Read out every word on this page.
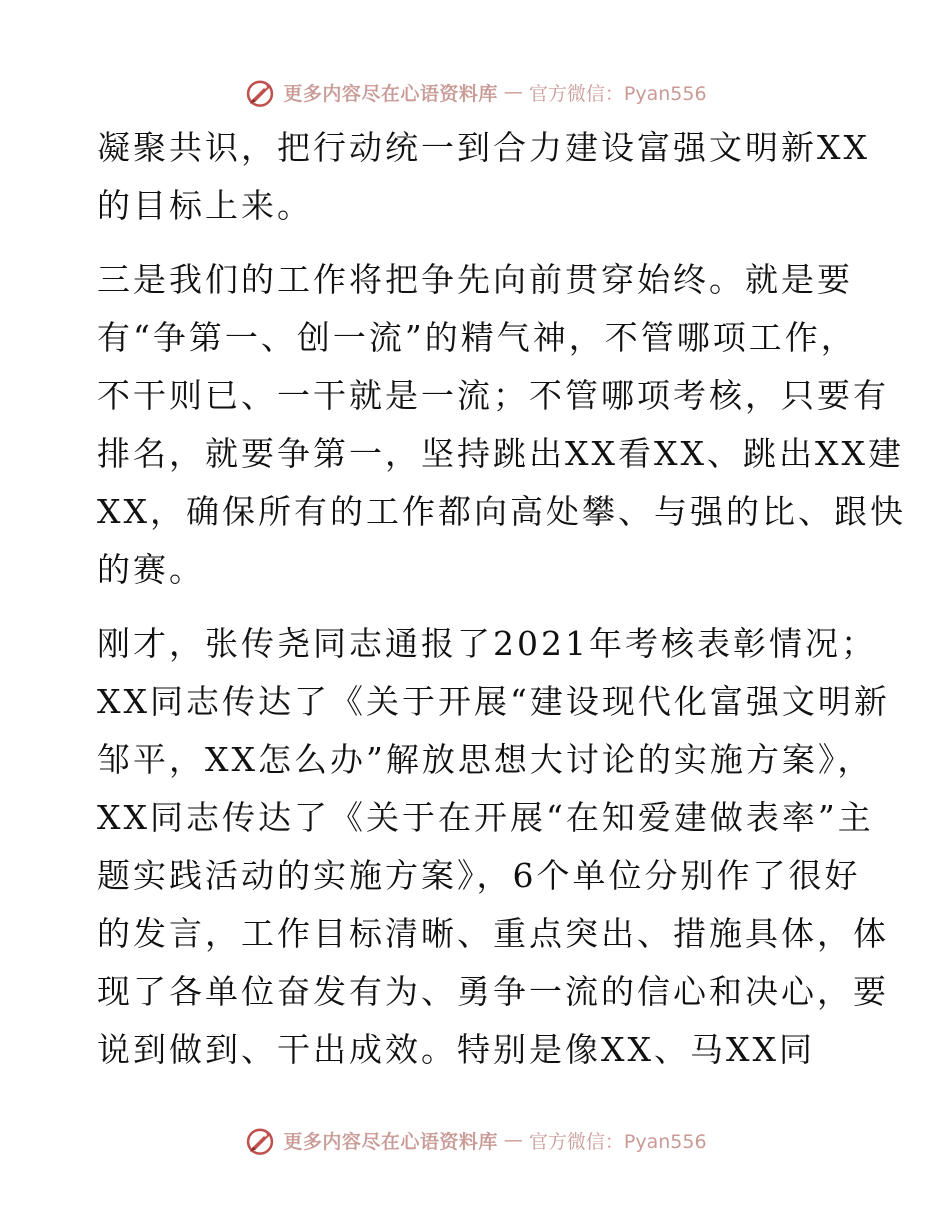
更多内容尽在心语资料库 — 官方微信：Pyan556
凝聚共识，把行动统一到合力建设富强文明新XX
的目标上来。
三是我们的工作将把争先向前贯穿始终。就是要
有“争第一、创一流”的精气神，不管哪项工作，
不干则已、一干就是一流；不管哪项考核，只要有
排名，就要争第一，坚持跳出XX看XX、跳出XX建
XX，确保所有的工作都向高处攀、与强的比、跟快
的赛。
刚才，张传尧同志通报了2021年考核表彰情况；
XX同志传达了《关于开展“建设现代化富强文明新
邹平，XX怎么办”解放思想大讨论的实施方案》，
XX同志传达了《关于在开展“在知爱建做表率”主
题实践活动的实施方案》，6个单位分别作了很好
的发言，工作目标清晰、重点突出、措施具体，体
现了各单位奋发有为、勇争一流的信心和决心，要
说到做到、干出成效。特别是像XX、马XX同
更多内容尽在心语资料库 — 官方微信：Pyan556
